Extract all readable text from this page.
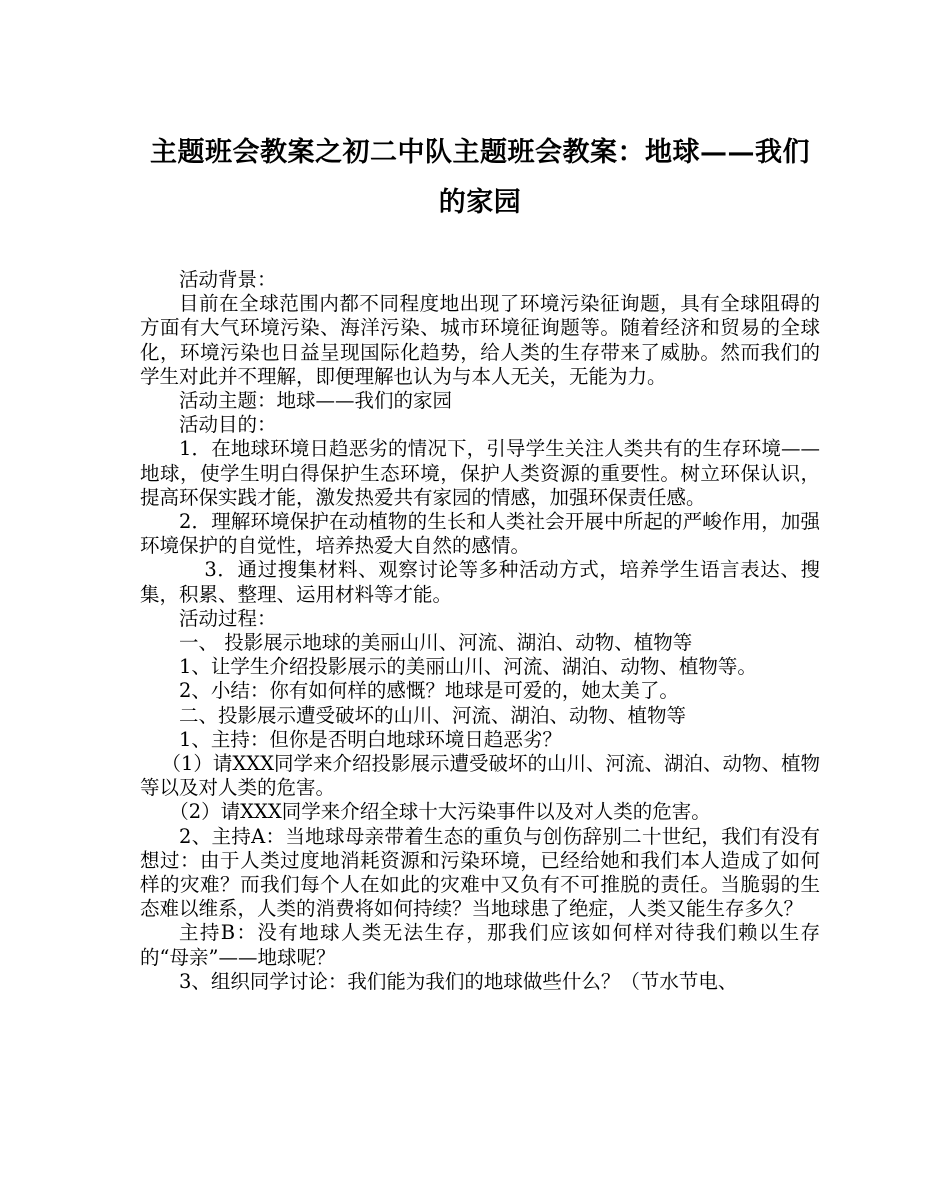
主题班会教案之初二中队主题班会教案：地球——我们的家园

活动背景：

目前在全球范围内都不同程度地出现了环境污染征询题，具有全球阻碍的方面有大气环境污染、海洋污染、城市环境征询题等。随着经济和贸易的全球化，环境污染也日益呈现国际化趋势，给人类的生存带来了威胁。然而我们的学生对此并不理解，即便理解也认为与本人无关，无能为力。

活动主题：地球——我们的家园

活动目的：

1．在地球环境日趋恶劣的情况下，引导学生关注人类共有的生存环境——地球，使学生明白得保护生态环境，保护人类资源的重要性。树立环保认识，提高环保实践才能，激发热爱共有家园的情感，加强环保责任感。

2．理解环境保护在动植物的生长和人类社会开展中所起的严峻作用，加强环境保护的自觉性，培养热爱大自然的感情。

3．通过搜集材料、观察讨论等多种活动方式，培养学生语言表达、搜集，积累、整理、运用材料等才能。

活动过程：

一、 投影展示地球的美丽山川、河流、湖泊、动物、植物等

1、让学生介绍投影展示的美丽山川、河流、湖泊、动物、植物等。

2、小结：你有如何样的感慨？地球是可爱的，她太美了。

二、投影展示遭受破坏的山川、河流、湖泊、动物、植物等

1、主持：但你是否明白地球环境日趋恶劣？

（1）请XXX同学来介绍投影展示遭受破坏的山川、河流、湖泊、动物、植物等以及对人类的危害。

（2）请XXX同学来介绍全球十大污染事件以及对人类的危害。

2、主持A：当地球母亲带着生态的重负与创伤辞别二十世纪，我们有没有想过：由于人类过度地消耗资源和污染环境，已经给她和我们本人造成了如何样的灾难？而我们每个人在如此的灾难中又负有不可推脱的责任。当脆弱的生态难以维系，人类的消费将如何持续？当地球患了绝症，人类又能生存多久？

主持B：没有地球人类无法生存，那我们应该如何样对待我们赖以生存的“母亲”——地球呢？

3、组织同学讨论：我们能为我们的地球做些什么？（节水节电、
